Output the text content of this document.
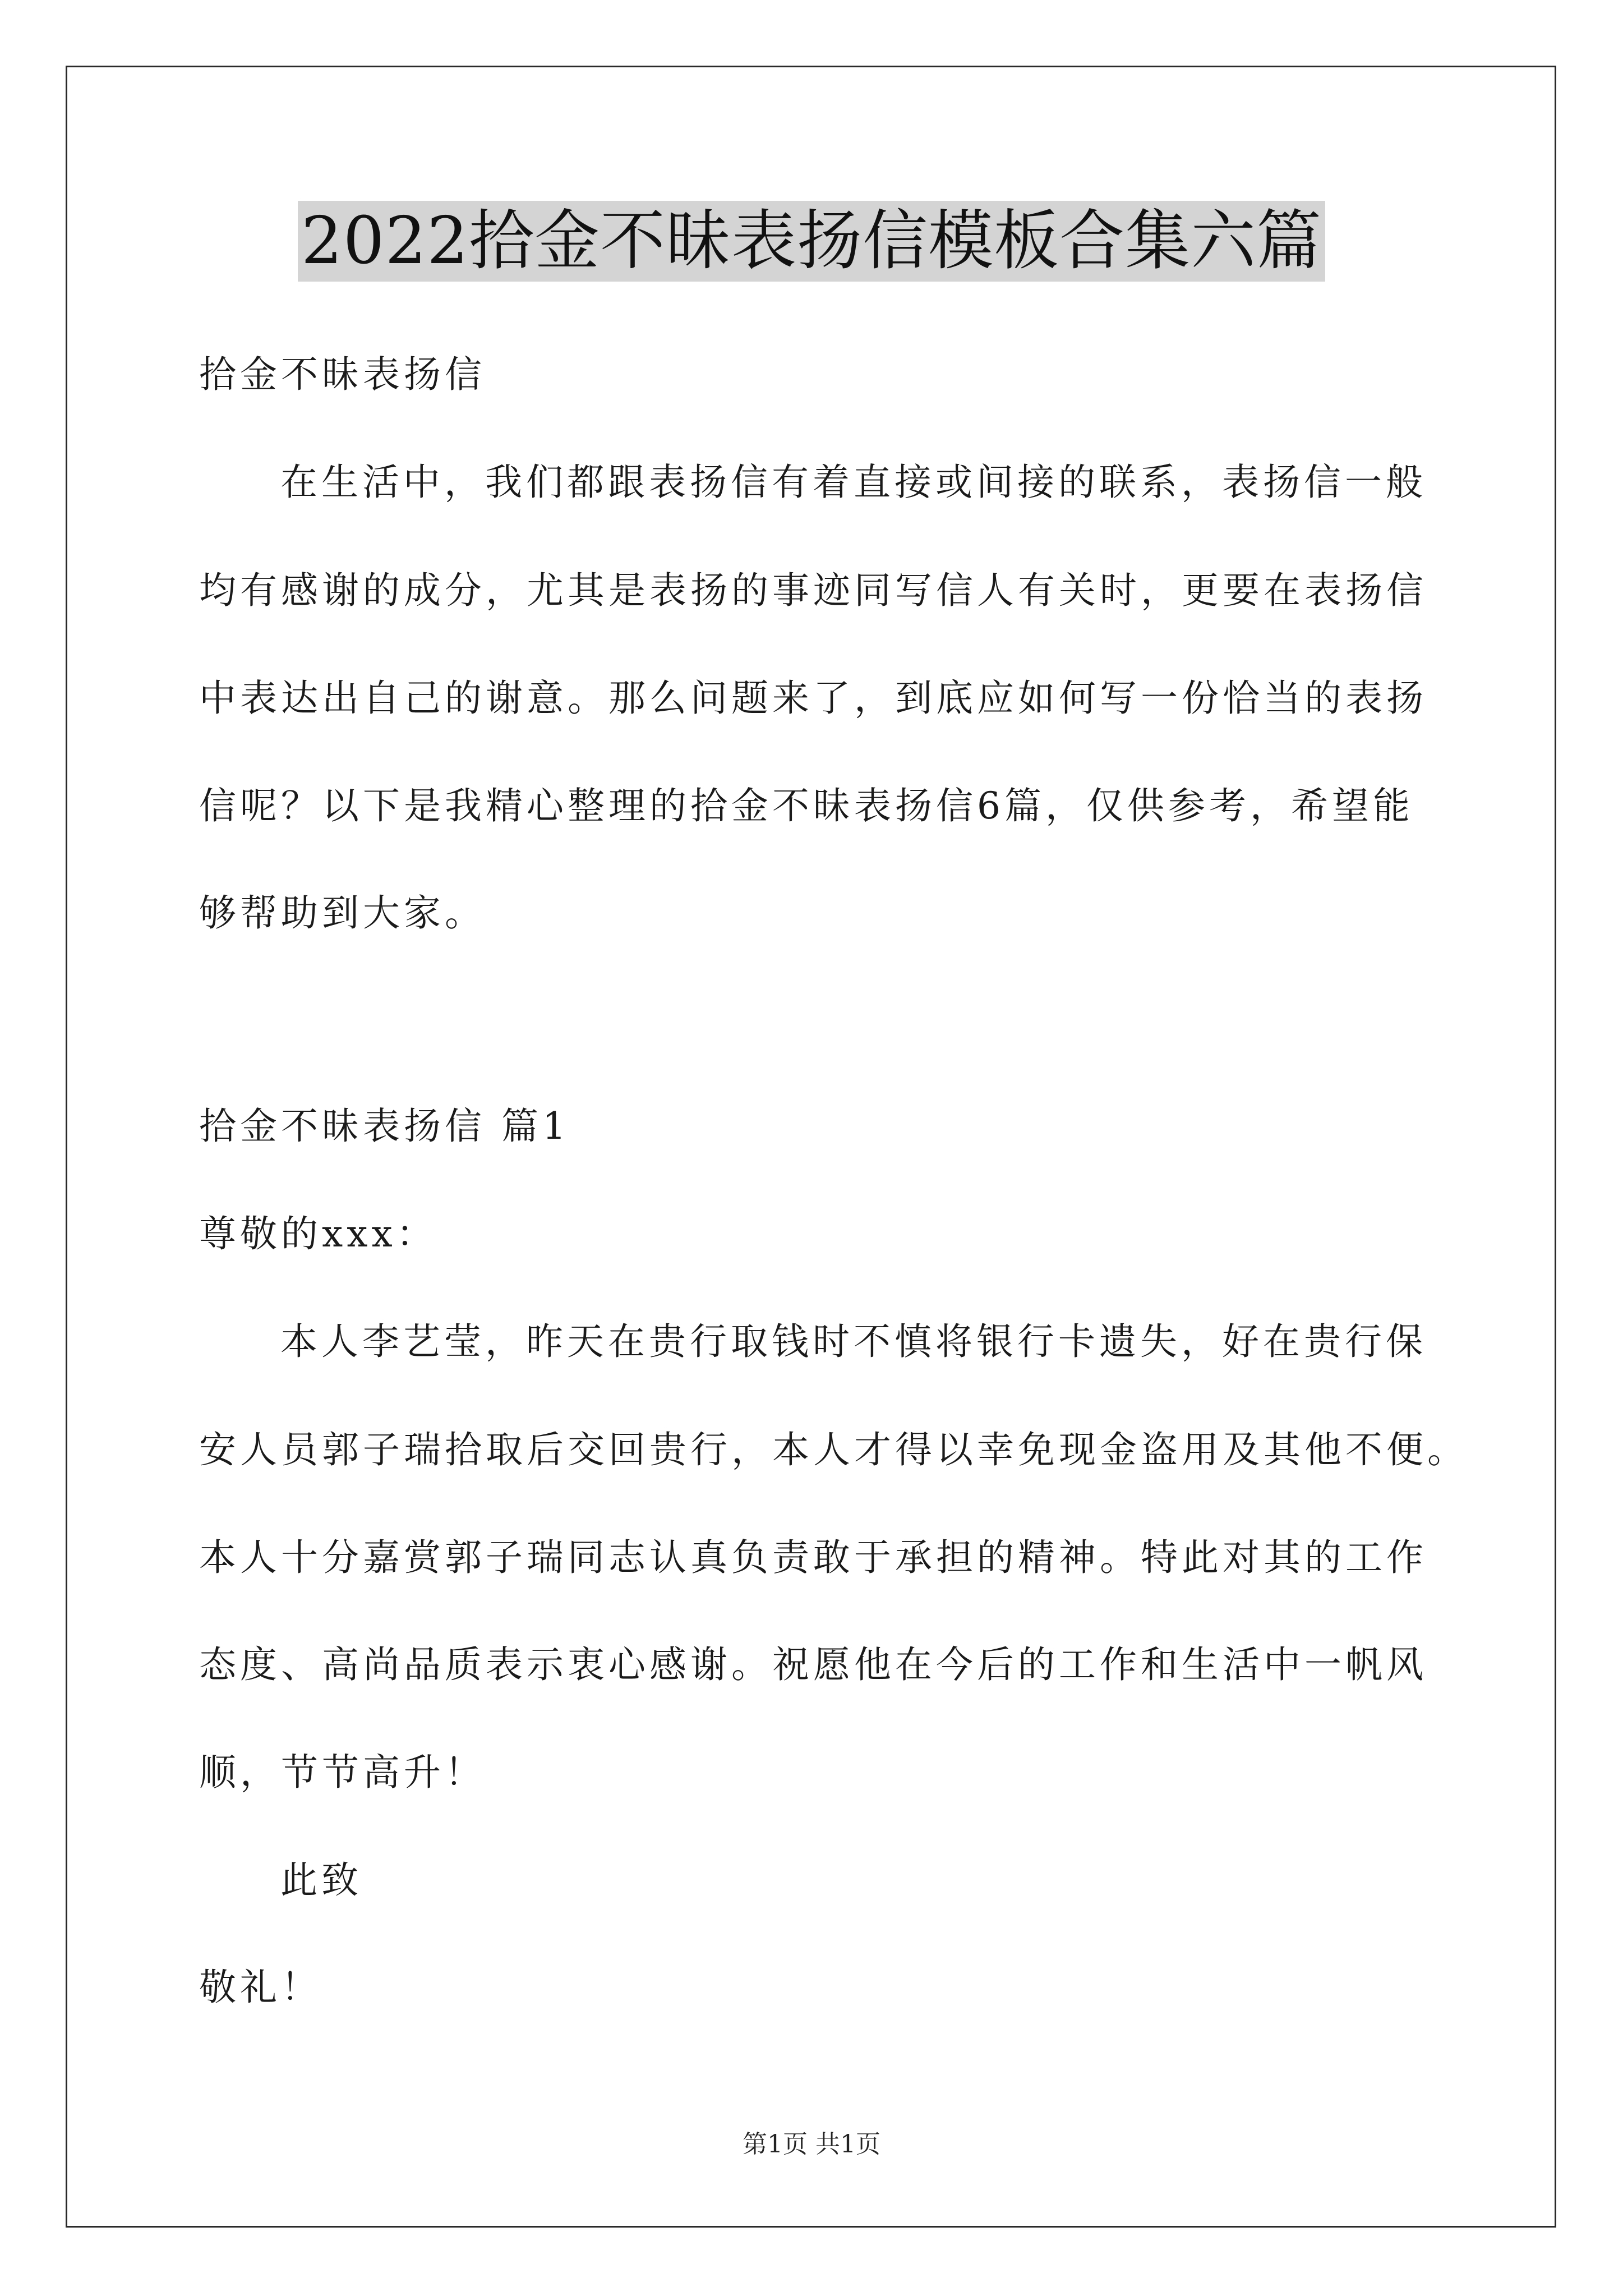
2022拾金不昧表扬信模板合集六篇
拾金不昧表扬信
在生活中，我们都跟表扬信有着直接或间接的联系，表扬信一般
均有感谢的成分，尤其是表扬的事迹同写信人有关时，更要在表扬信
中表达出自己的谢意。那么问题来了，到底应如何写一份恰当的表扬
信呢？以下是我精心整理的拾金不昧表扬信6篇，仅供参考，希望能
够帮助到大家。
拾金不昧表扬信 篇1
尊敬的xxx：
本人李艺莹，昨天在贵行取钱时不慎将银行卡遗失，好在贵行保
安人员郭子瑞拾取后交回贵行，本人才得以幸免现金盗用及其他不便。
本人十分嘉赏郭子瑞同志认真负责敢于承担的精神。特此对其的工作
态度、高尚品质表示衷心感谢。祝愿他在今后的工作和生活中一帆风
顺，节节高升！
此致
敬礼！
第1页 共1页
